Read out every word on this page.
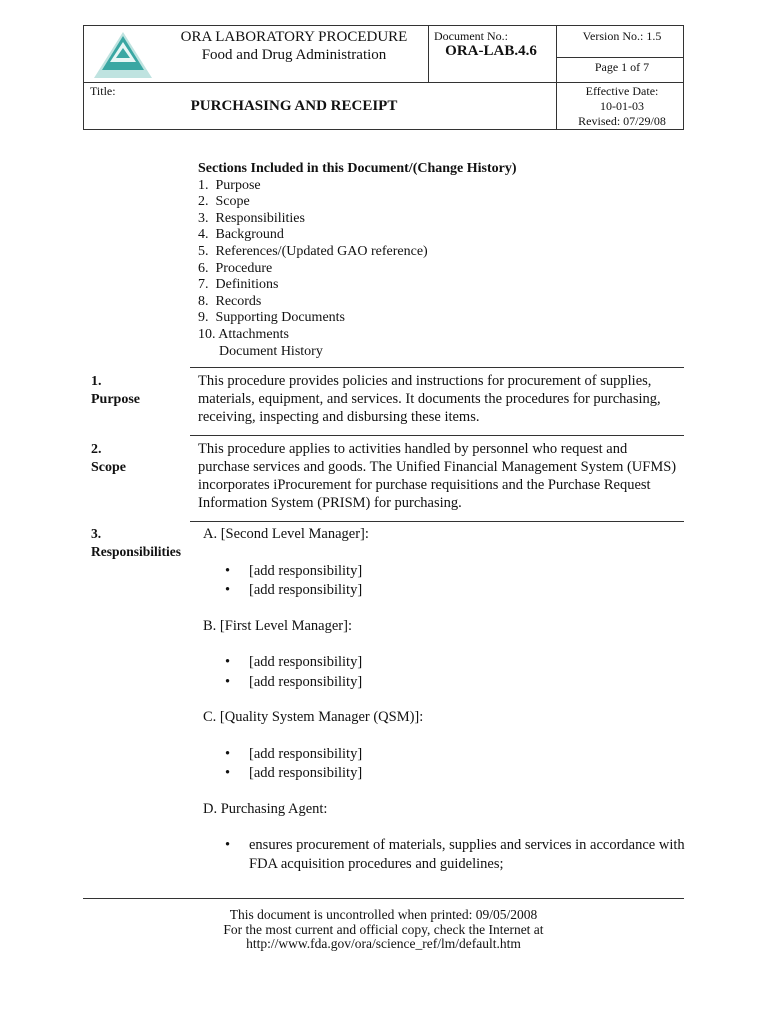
ORA LABORATORY PROCEDURE
Food and Drug Administration
Document No.:
ORA-LAB.4.6
Version No.: 1.5
Page 1 of 7
Title:
PURCHASING AND RECEIPT
Effective Date:
10-01-03
Revised: 07/29/08
Sections Included in this Document/(Change History)
1.  Purpose
2.  Scope
3.  Responsibilities
4.  Background
5.  References/(Updated GAO reference)
6.  Procedure
7.  Definitions
8.  Records
9.  Supporting Documents
10. Attachments
Document History
1.
Purpose
This procedure provides policies and instructions for procurement of supplies, materials, equipment, and services. It documents the procedures for purchasing, receiving, inspecting and disbursing these items.
2.
Scope
This procedure applies to activities handled by personnel who request and purchase services and goods. The Unified Financial Management System (UFMS) incorporates iProcurement for purchase requisitions and the Purchase Request Information System (PRISM) for purchasing.
3.
Responsibilities
A. [Second Level Manager]:
• [add responsibility]
• [add responsibility]
B. [First Level Manager]:
• [add responsibility]
• [add responsibility]
C. [Quality System Manager (QSM)]:
• [add responsibility]
• [add responsibility]
D. Purchasing Agent:
• ensures procurement of materials, supplies and services in accordance with FDA acquisition procedures and guidelines;
This document is uncontrolled when printed: 09/05/2008
For the most current and official copy, check the Internet at
http://www.fda.gov/ora/science_ref/lm/default.htm
